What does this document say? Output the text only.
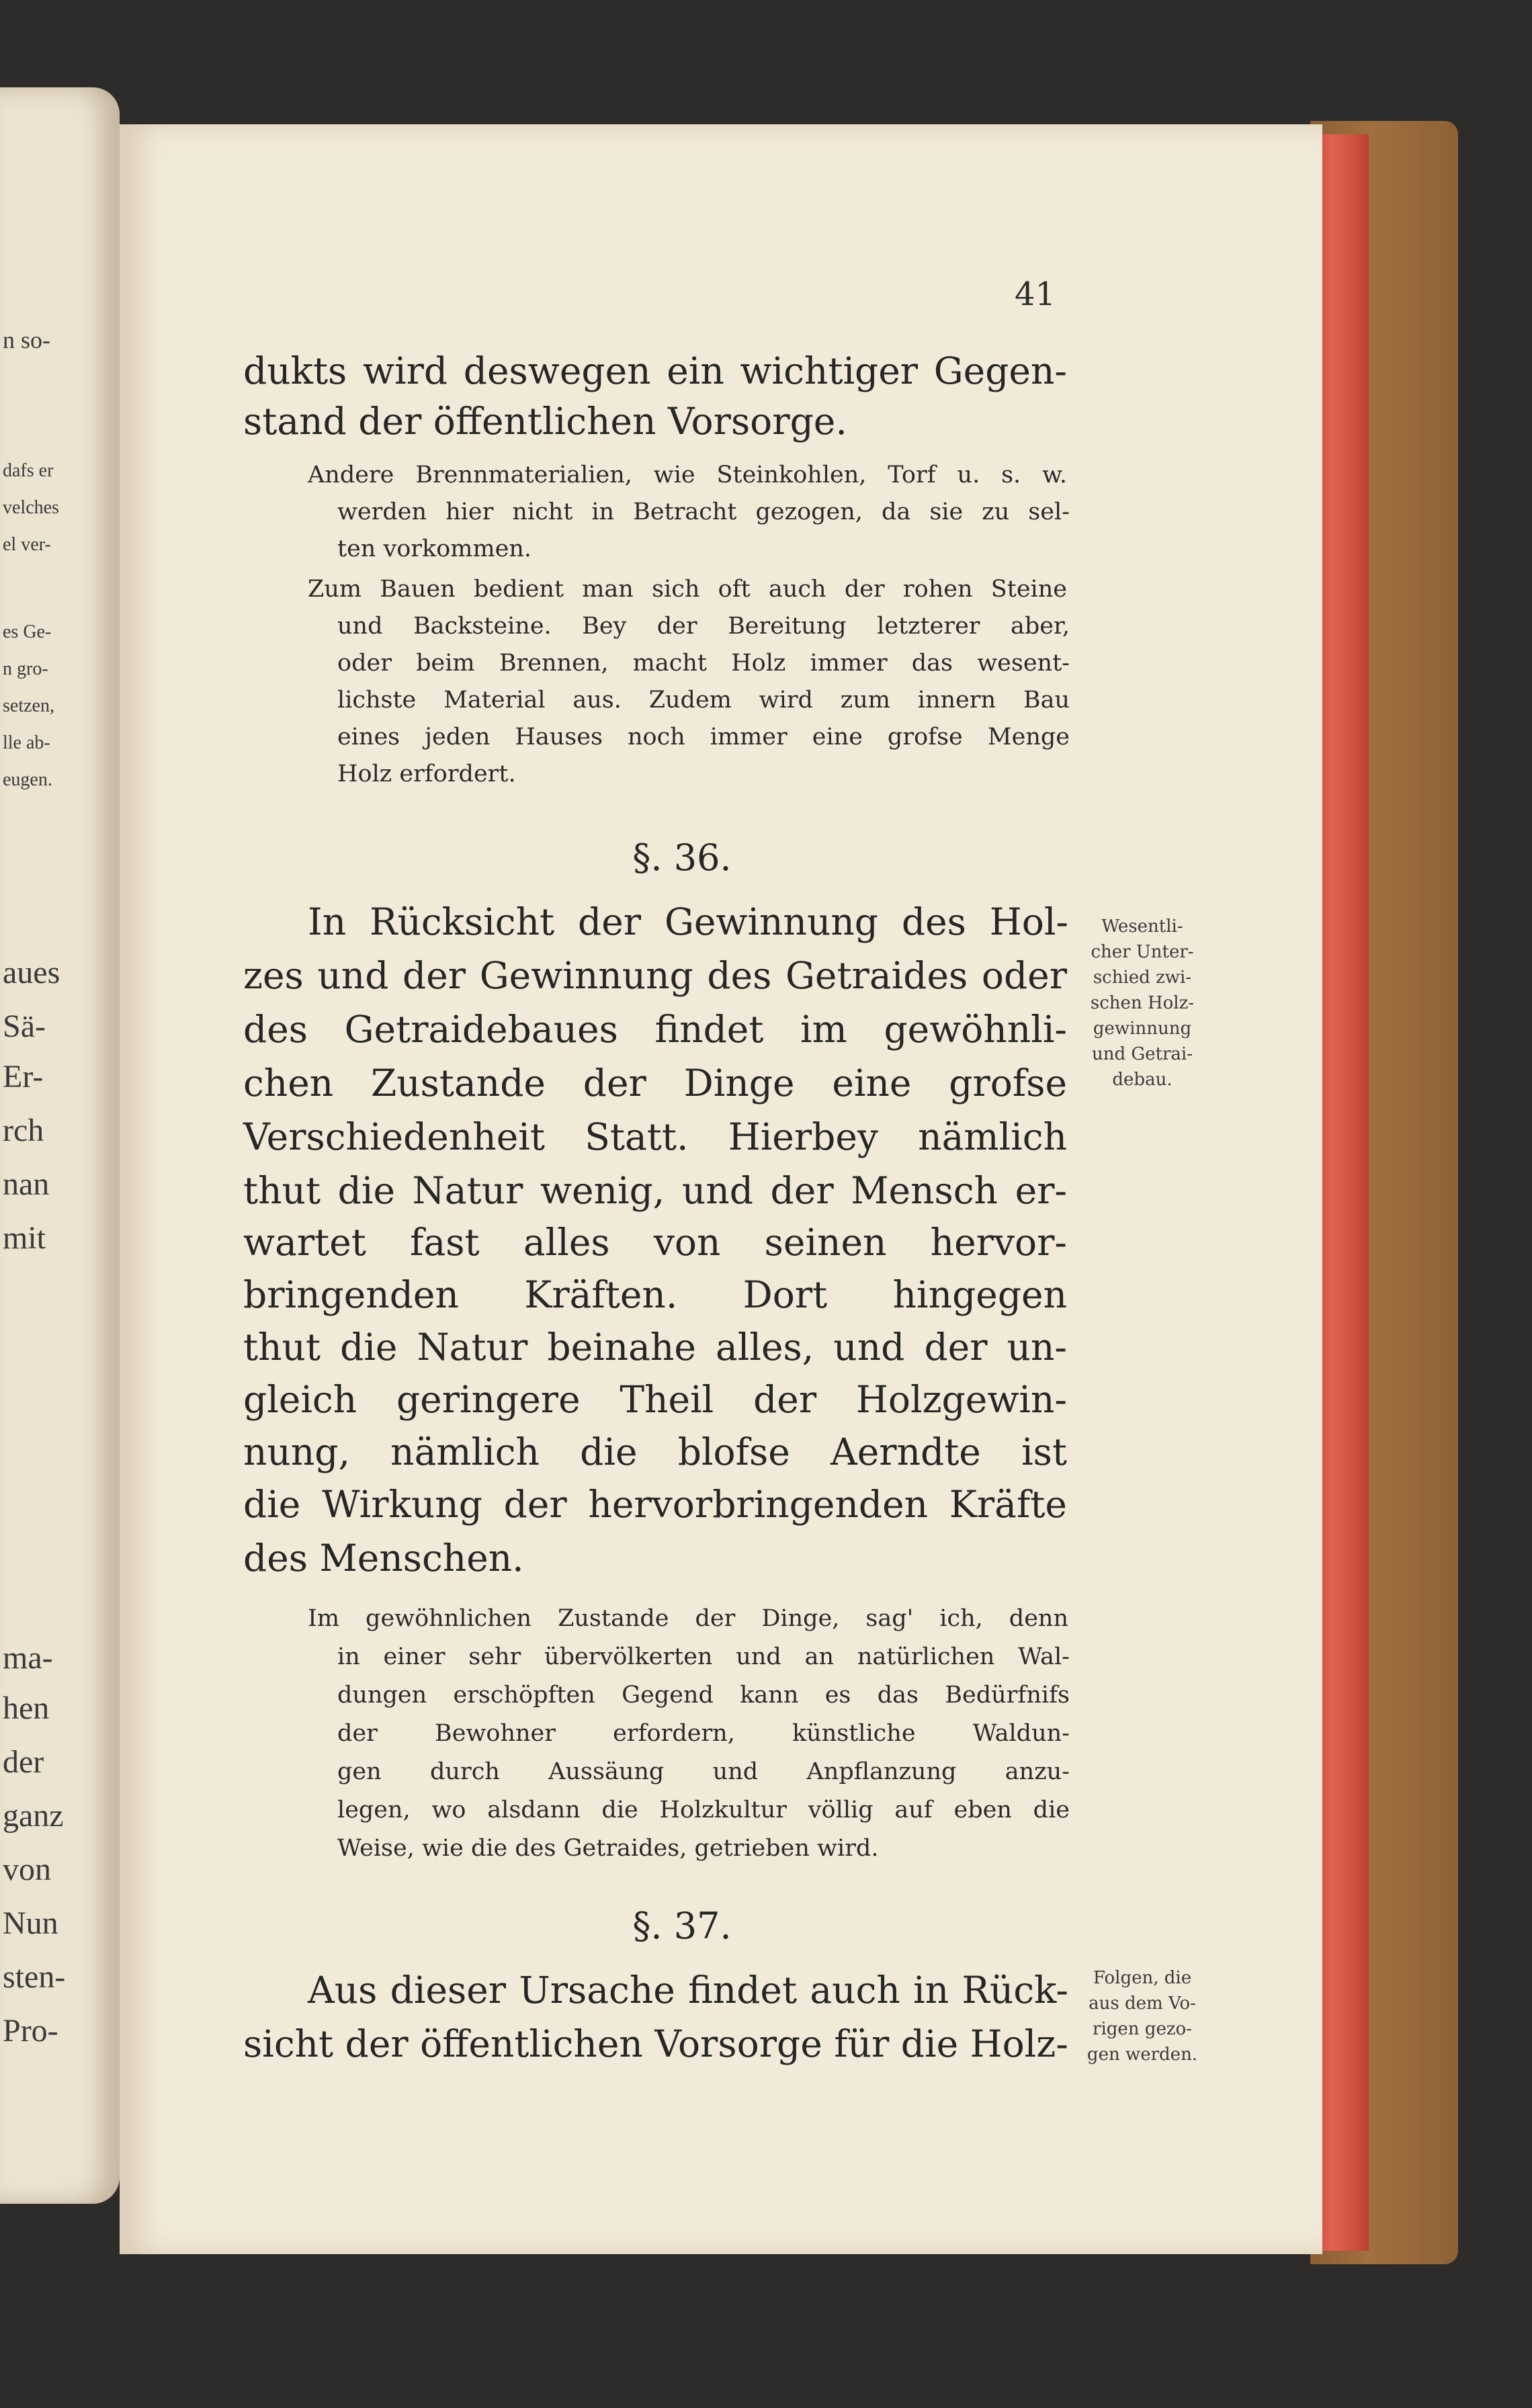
n so-
dafs er
velches
el ver-
es Ge-
n gro-
setzen,
lle ab-
eugen.
aues
Sä-
Er-
rch
nan
mit
ma-
hen
der
ganz
von
Nun
sten-
Pro-
41
dukts wird deswegen ein wichtiger Gegen-
stand der öffentlichen Vorsorge.
Andere Brennmaterialien, wie Steinkohlen, Torf u. s. w.
werden hier nicht in Betracht gezogen, da sie zu sel-
ten vorkommen.
Zum Bauen bedient man sich oft auch der rohen Steine
und Backsteine. Bey der Bereitung letzterer aber,
oder beim Brennen, macht Holz immer das wesent-
lichste Material aus. Zudem wird zum innern Bau
eines jeden Hauses noch immer eine grofse Menge
Holz erfordert.
§. 36.
In Rücksicht der Gewinnung des Hol-
zes und der Gewinnung des Getraides oder
des Getraidebaues findet im gewöhnli-
chen Zustande der Dinge eine grofse
Verschiedenheit Statt. Hierbey nämlich
thut die Natur wenig, und der Mensch er-
wartet fast alles von seinen hervor-
bringenden Kräften. Dort hingegen
thut die Natur beinahe alles, und der un-
gleich geringere Theil der Holzgewin-
nung, nämlich die blofse Aerndte ist
die Wirkung der hervorbringenden Kräfte
des Menschen.
Wesentli-
cher Unter-
schied zwi-
schen Holz-
gewinnung
und Getrai-
debau.
Im gewöhnlichen Zustande der Dinge, sag' ich, denn
in einer sehr übervölkerten und an natürlichen Wal-
dungen erschöpften Gegend kann es das Bedürfnifs
der Bewohner erfordern, künstliche Waldun-
gen durch Aussäung und Anpflanzung anzu-
legen, wo alsdann die Holzkultur völlig auf eben die
Weise, wie die des Getraides, getrieben wird.
§. 37.
Aus dieser Ursache findet auch in Rück-
sicht der öffentlichen Vorsorge für die Holz-
Folgen, die
aus dem Vo-
rigen gezo-
gen werden.
